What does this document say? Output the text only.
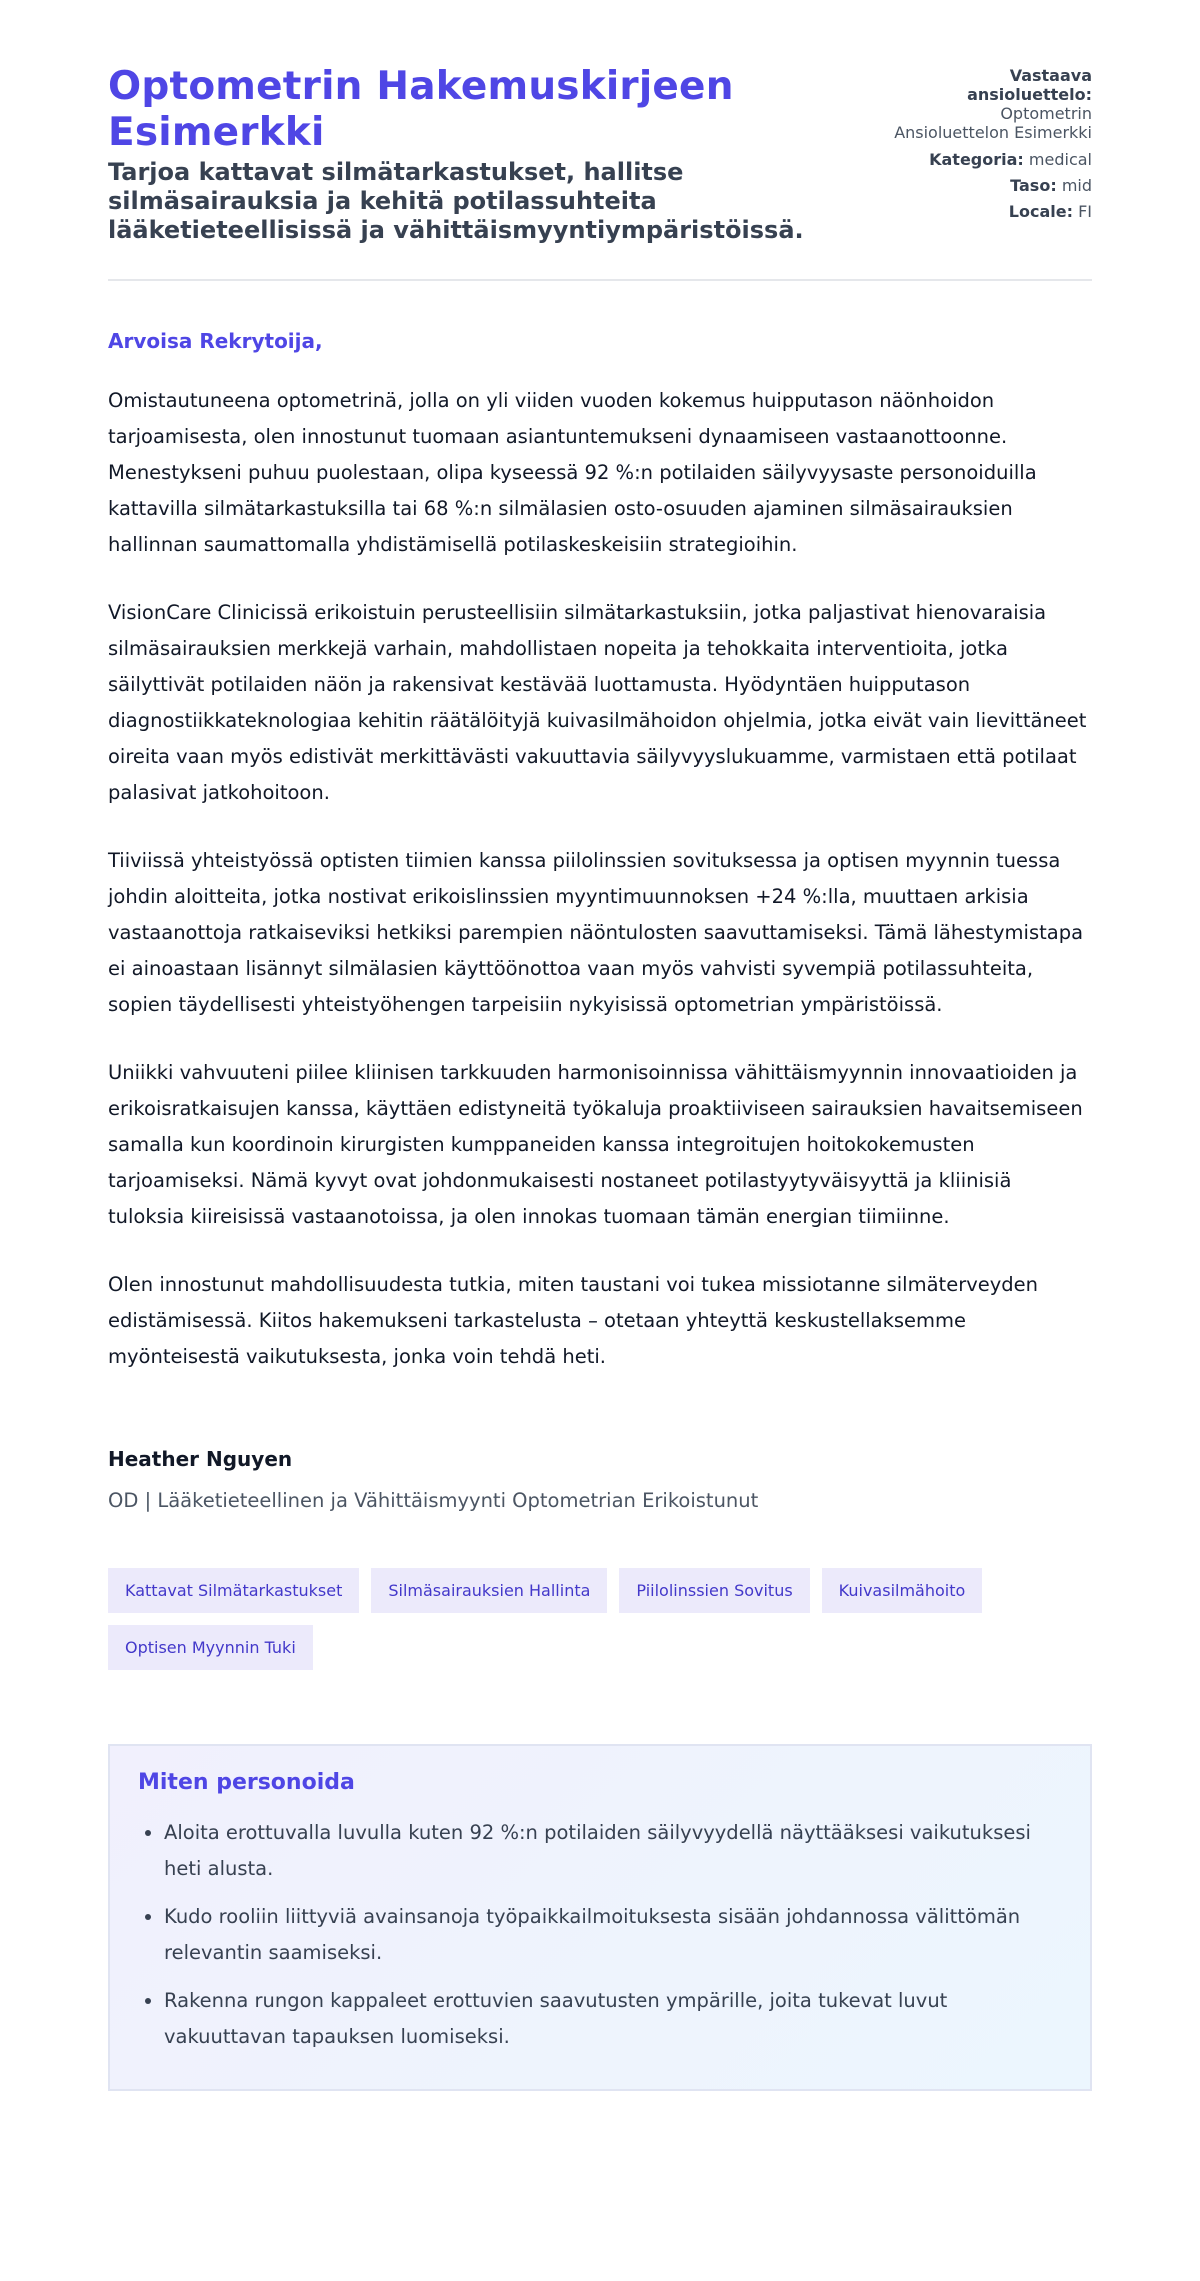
Optometrin Hakemuskirjeen Esimerkki
Tarjoa kattavat silmätarkastukset, hallitse silmäsairauksia ja kehitä potilassuhteita lääketieteellisissä ja vähittäismyyntiympäristöissä.
Vastaava ansioluettelo:
Optometrin Ansioluettelon Esimerkki
Kategoria: medical
Taso: mid
Locale: FI

Arvoisa Rekrytoija,

Omistautuneena optometrinä, jolla on yli viiden vuoden kokemus huipputason näönhoidon tarjoamisesta, olen innostunut tuomaan asiantuntemukseni dynaamiseen vastaanottoonne. Menestykseni puhuu puolestaan, olipa kyseessä 92 %:n potilaiden säilyvyysaste personoiduilla kattavilla silmätarkastuksilla tai 68 %:n silmälasien osto-osuuden ajaminen silmäsairauksien hallinnan saumattomalla yhdistämisellä potilaskeskeisiin strategioihin.

VisionCare Clinicissä erikoistuin perusteellisiin silmätarkastuksiin, jotka paljastivat hienovaraisia silmäsairauksien merkkejä varhain, mahdollistaen nopeita ja tehokkaita interventioita, jotka säilyttivät potilaiden näön ja rakensivat kestävää luottamusta. Hyödyntäen huipputason diagnostiikkateknologiaa kehitin räätälöityjä kuivasilmähoidon ohjelmia, jotka eivät vain lievittäneet oireita vaan myös edistivät merkittävästi vakuuttavia säilyvyyslukuamme, varmistaen että potilaat palasivat jatkohoitoon.

Tiiviissä yhteistyössä optisten tiimien kanssa piilolinssien sovituksessa ja optisen myynnin tuessa johdin aloitteita, jotka nostivat erikoislinssien myyntimuunnoksen +24 %:lla, muuttaen arkisia vastaanottoja ratkaiseviksi hetkiksi parempien näöntulosten saavuttamiseksi. Tämä lähestymistapa ei ainoastaan lisännyt silmälasien käyttöönottoa vaan myös vahvisti syvempiä potilassuhteita, sopien täydellisesti yhteistyöhengen tarpeisiin nykyisissä optometrian ympäristöissä.

Uniikki vahvuuteni piilee kliinisen tarkkuuden harmonisoinnissa vähittäismyynnin innovaatioiden ja erikoisratkaisujen kanssa, käyttäen edistyneitä työkaluja proaktiiviseen sairauksien havaitsemiseen samalla kun koordinoin kirurgisten kumppaneiden kanssa integroitujen hoitokokemusten tarjoamiseksi. Nämä kyvyt ovat johdonmukaisesti nostaneet potilastyytyväisyyttä ja kliinisiä tuloksia kiireisissä vastaanotoissa, ja olen innokas tuomaan tämän energian tiimiinne.

Olen innostunut mahdollisuudesta tutkia, miten taustani voi tukea missiotanne silmäterveyden edistämisessä. Kiitos hakemukseni tarkastelusta – otetaan yhteyttä keskustellaksemme myönteisestä vaikutuksesta, jonka voin tehdä heti.

Heather Nguyen
OD | Lääketieteellinen ja Vähittäismyynti Optometrian Erikoistunut
Kattavat Silmätarkastukset	Silmäsairauksien Hallinta	Piilolinssien Sovitus	Kuivasilmähoito
Optisen Myynnin Tuki
Miten personoida
• Aloita erottuvalla luvulla kuten 92 %:n potilaiden säilyvyydellä näyttääksesi vaikutuksesi heti alusta.
• Kudo rooliin liittyviä avainsanoja työpaikkailmoituksesta sisään johdannossa välittömän relevantin saamiseksi.
• Rakenna rungon kappaleet erottuvien saavutusten ympärille, joita tukevat luvut vakuuttavan tapauksen luomiseksi.
